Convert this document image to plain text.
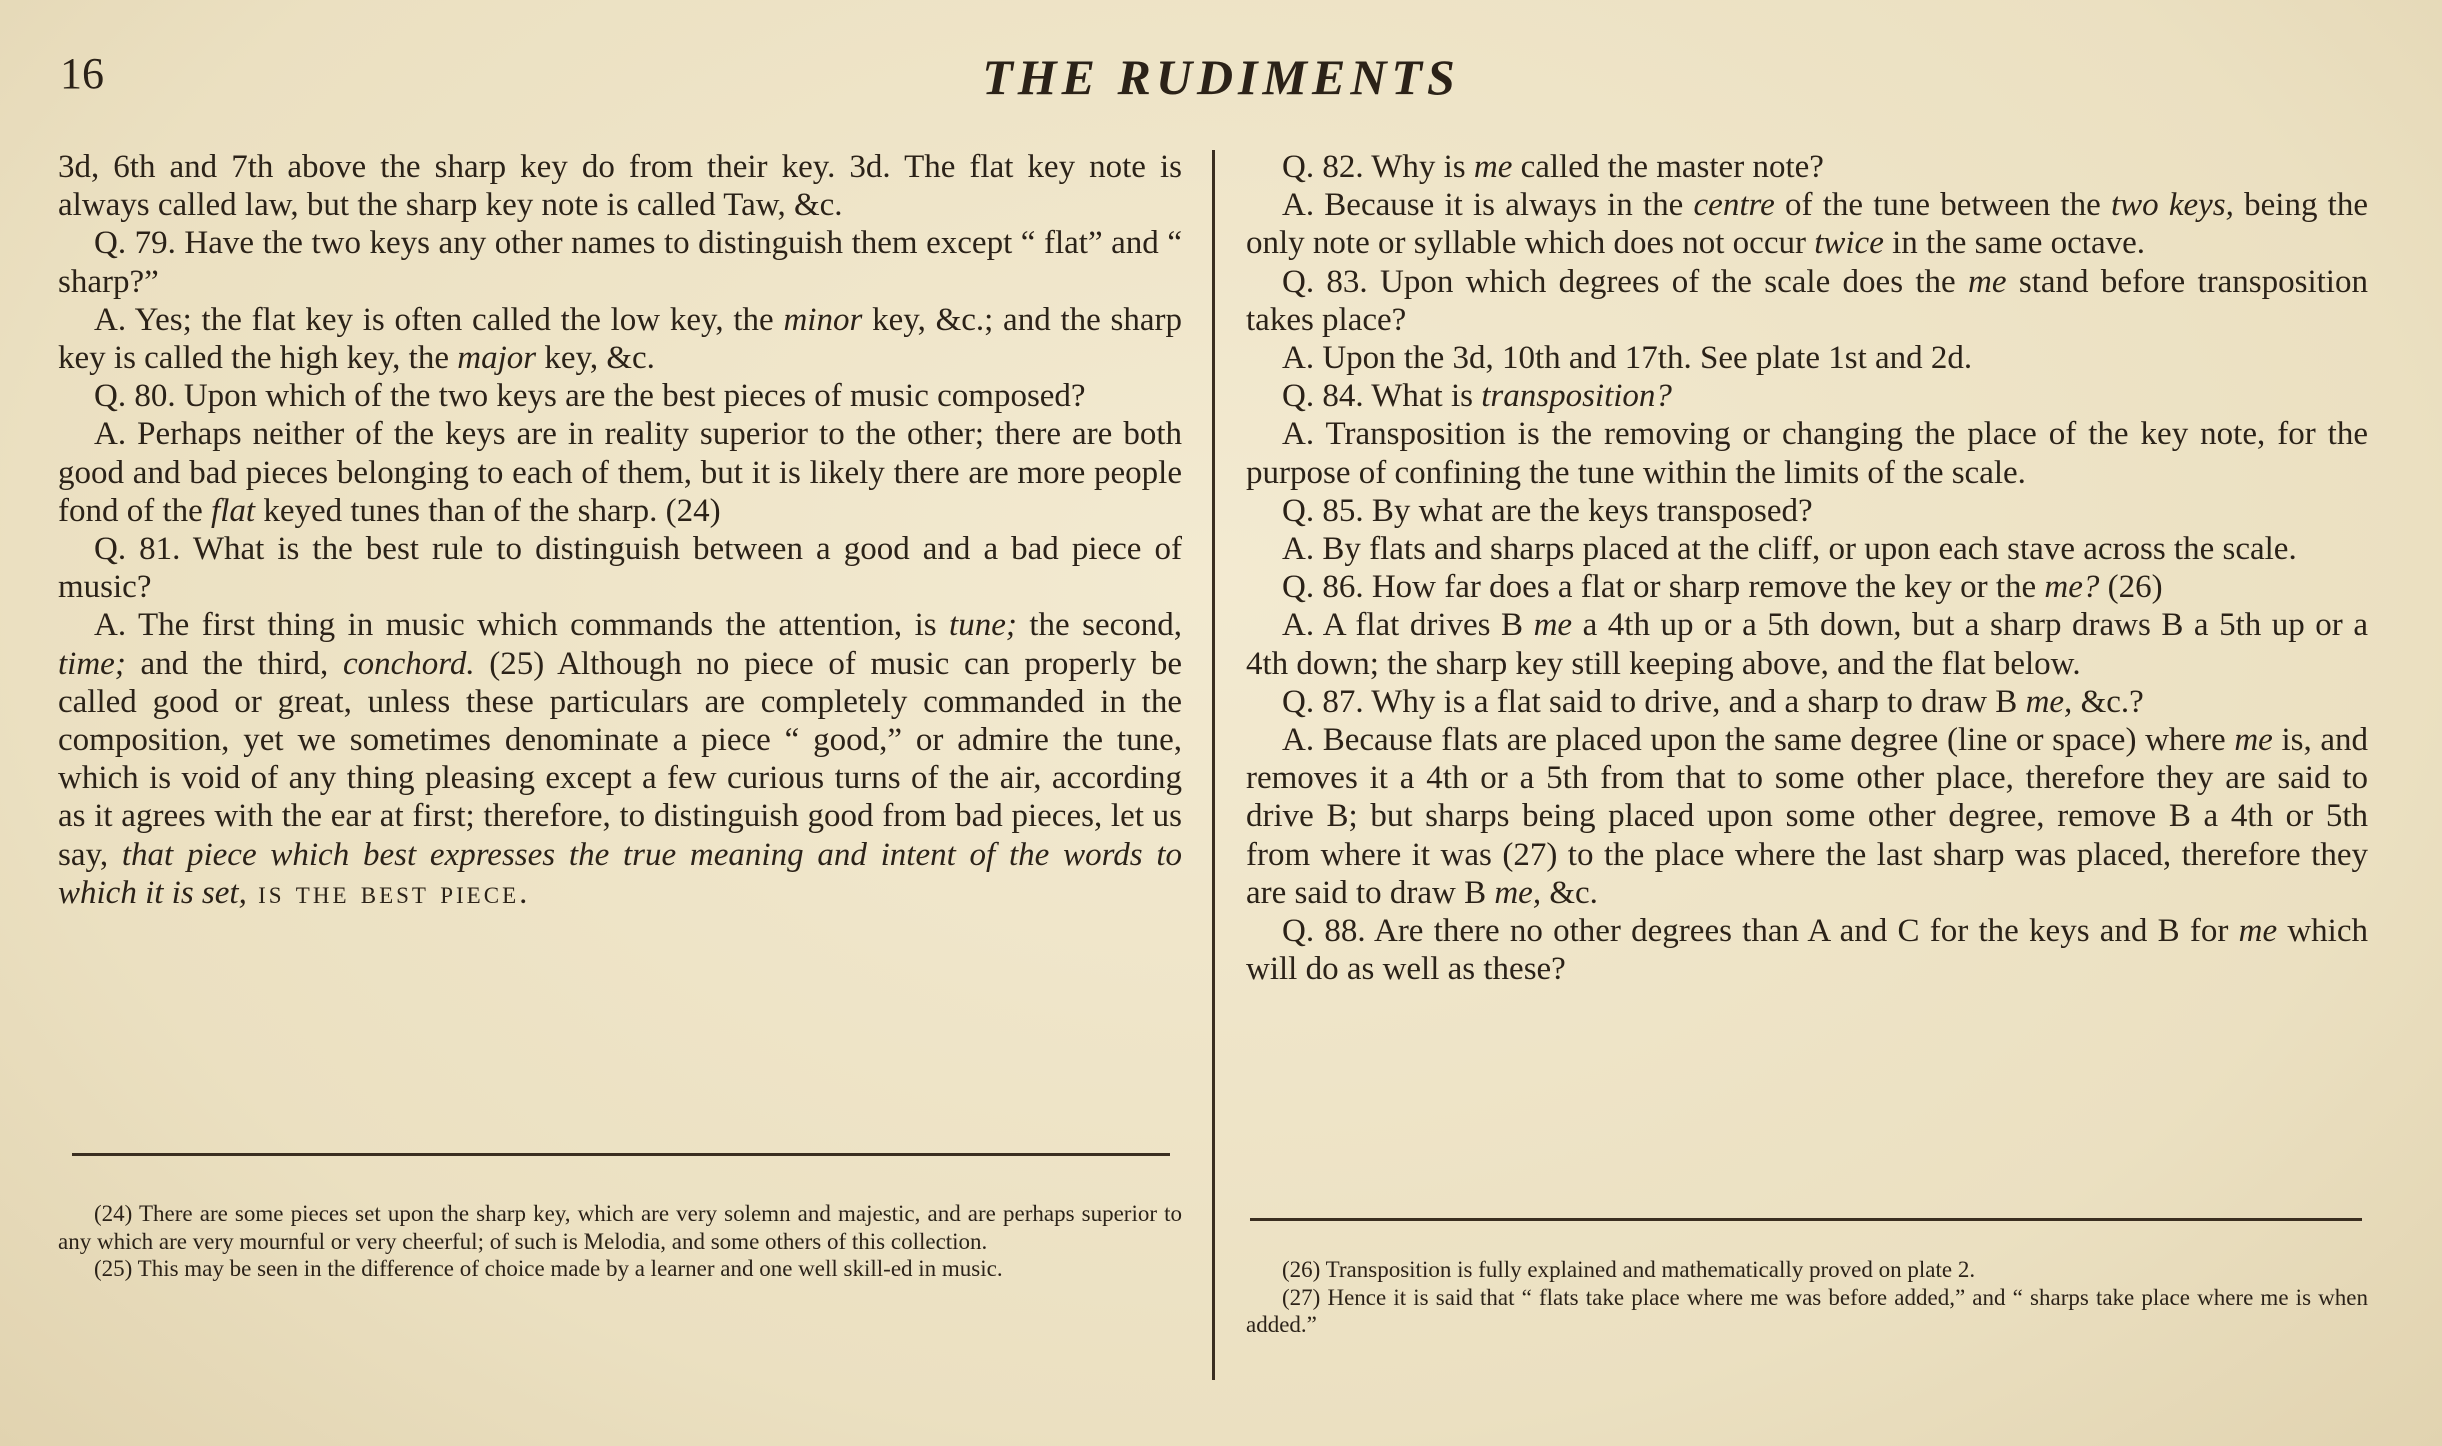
16	THE RUDIMENTS

3d, 6th and 7th above the sharp key do from their key. 3d. The flat key note is always called law, but the sharp key note is called Taw, &c.

Q. 79. Have the two keys any other names to distinguish them except “ flat” and “ sharp?”

A. Yes; the flat key is often called the low key, the minor key, &c.; and the sharp key is called the high key, the major key, &c.

Q. 80. Upon which of the two keys are the best pieces of music composed?

A. Perhaps neither of the keys are in reality superior to the other; there are both good and bad pieces belonging to each of them, but it is likely there are more people fond of the flat keyed tunes than of the sharp. (24)

Q. 81. What is the best rule to distinguish between a good and a bad piece of music?

A. The first thing in music which commands the attention, is tune; the second, time; and the third, conchord. (25) Although no piece of music can properly be called good or great, unless these particulars are completely commanded in the composition, yet we sometimes denominate a piece “ good,” or admire the tune, which is void of any thing pleasing except a few curious turns of the air, according as it agrees with the ear at first; therefore, to distinguish good from bad pieces, let us say, that piece which best expresses the true meaning and intent of the words to which it is set, is the best piece.

(24) There are some pieces set upon the sharp key, which are very solemn and majestic, and are perhaps superior to any which are very mournful or very cheerful; of such is Melodia, and some others of this collection.

(25) This may be seen in the difference of choice made by a learner and one well skill-ed in music.

Q. 82. Why is me called the master note?

A. Because it is always in the centre of the tune between the two keys, being the only note or syllable which does not occur twice in the same octave.

Q. 83. Upon which degrees of the scale does the me stand before transposition takes place?

A. Upon the 3d, 10th and 17th. See plate 1st and 2d.

Q. 84. What is transposition?

A. Transposition is the removing or changing the place of the key note, for the purpose of confining the tune within the limits of the scale.

Q. 85. By what are the keys transposed?

A. By flats and sharps placed at the cliff, or upon each stave across the scale.

Q. 86. How far does a flat or sharp remove the key or the me? (26)

A. A flat drives B me a 4th up or a 5th down, but a sharp draws B a 5th up or a 4th down; the sharp key still keeping above, and the flat below.

Q. 87. Why is a flat said to drive, and a sharp to draw B me, &c.?

A. Because flats are placed upon the same degree (line or space) where me is, and removes it a 4th or a 5th from that to some other place, therefore they are said to drive B; but sharps being placed upon some other degree, remove B a 4th or 5th from where it was (27) to the place where the last sharp was placed, therefore they are said to draw B me, &c.

Q. 88. Are there no other degrees than A and C for the keys and B for me which will do as well as these?

(26) Transposition is fully explained and mathematically proved on plate 2.

(27) Hence it is said that “ flats take place where me was before added,” and “ sharps take place where me is when added.”
